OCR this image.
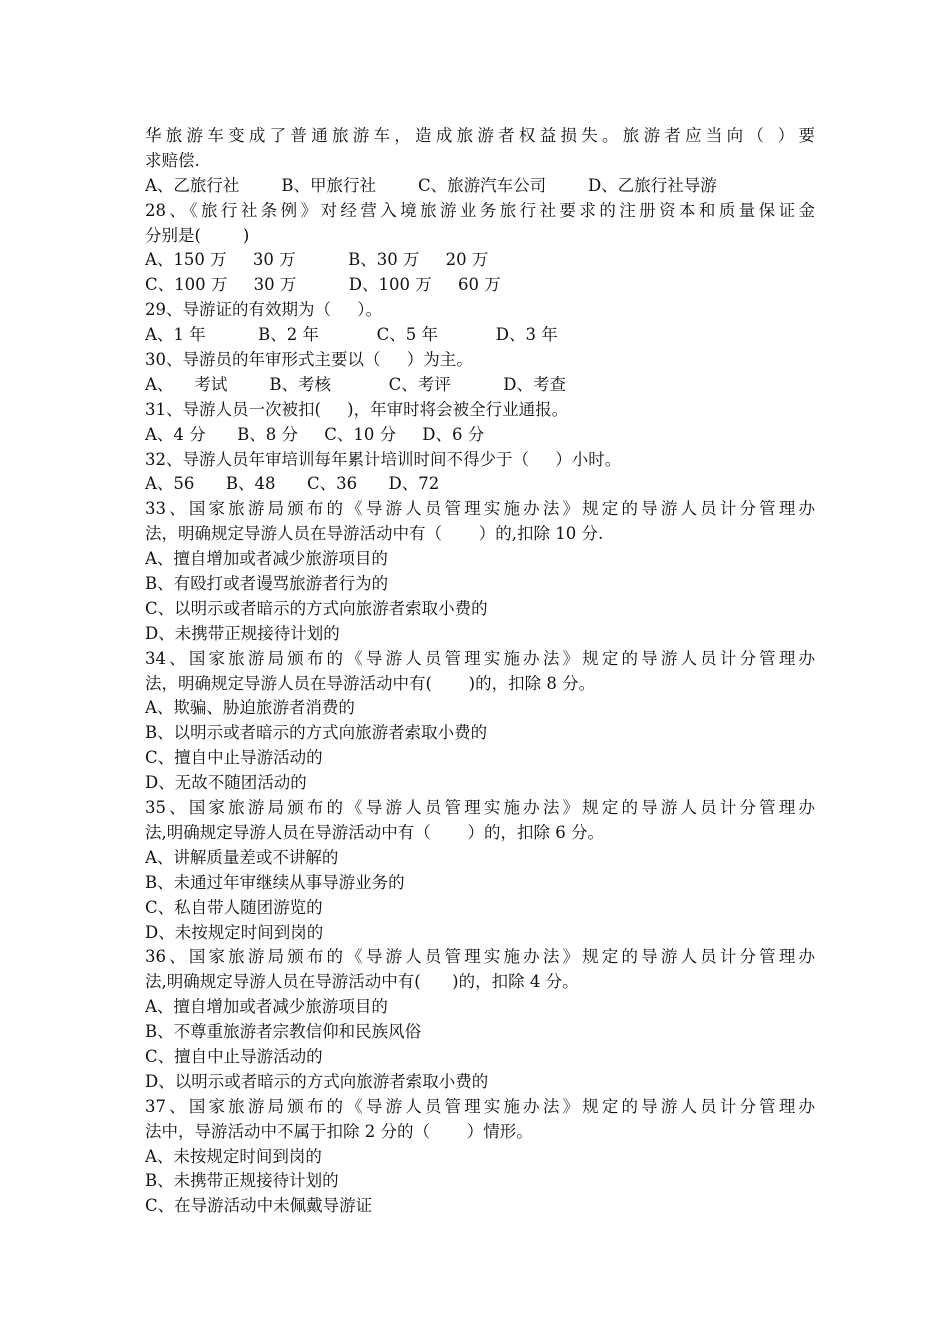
华旅游车变成了普通旅游车，造成旅游者权益损失。旅游者应当向（ ）要
求赔偿.
A、乙旅行社        B、甲旅行社        C、旅游汽车公司        D、乙旅行社导游
28、《旅行社条例》对经营入境旅游业务旅行社要求的注册资本和质量保证金
分别是(        )
A、150 万     30 万          B、30 万     20 万
C、100 万     30 万          D、100 万     60 万
29、导游证的有效期为（     ）。
A、1 年          B、2 年           C、5 年           D、3 年
30、导游员的年审形式主要以（     ）为主。
A、    考试        B、考核           C、考评          D、考查
31、导游人员一次被扣(     )，年审时将会被全行业通报。
A、4 分      B、8 分     C、10 分     D、6 分
32、导游人员年审培训每年累计培训时间不得少于（     ）小时。
A、56      B、48      C、36      D、72
33、国家旅游局颁布的《导游人员管理实施办法》规定的导游人员计分管理办
法，明确规定导游人员在导游活动中有（       ）的,扣除 10 分.
A、擅自增加或者减少旅游项目的
B、有殴打或者谩骂旅游者行为的
C、以明示或者暗示的方式向旅游者索取小费的
D、未携带正规接待计划的
34、国家旅游局颁布的《导游人员管理实施办法》规定的导游人员计分管理办
法，明确规定导游人员在导游活动中有(       )的，扣除 8 分。
A、欺骗、胁迫旅游者消费的
B、以明示或者暗示的方式向旅游者索取小费的
C、擅自中止导游活动的
D、无故不随团活动的
35、国家旅游局颁布的《导游人员管理实施办法》规定的导游人员计分管理办
法,明确规定导游人员在导游活动中有（       ）的，扣除 6 分。
A、讲解质量差或不讲解的
B、未通过年审继续从事导游业务的
C、私自带人随团游览的
D、未按规定时间到岗的
36、国家旅游局颁布的《导游人员管理实施办法》规定的导游人员计分管理办
法,明确规定导游人员在导游活动中有(      )的，扣除 4 分。
A、擅自增加或者减少旅游项目的
B、不尊重旅游者宗教信仰和民族风俗
C、擅自中止导游活动的
D、以明示或者暗示的方式向旅游者索取小费的
37、国家旅游局颁布的《导游人员管理实施办法》规定的导游人员计分管理办
法中，导游活动中不属于扣除 2 分的（       ）情形。
A、未按规定时间到岗的
B、未携带正规接待计划的
C、在导游活动中未佩戴导游证
